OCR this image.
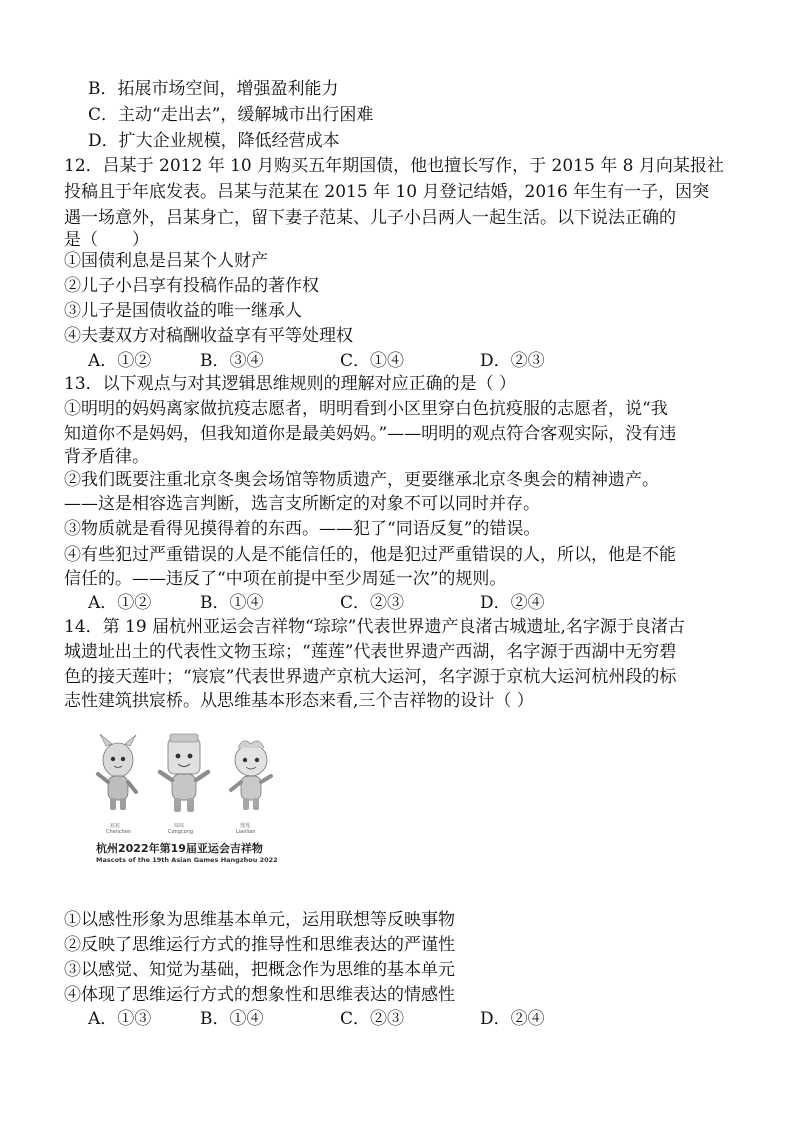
B．拓展市场空间，增强盈利能力
C．主动“走出去”，缓解城市出行困难
D．扩大企业规模，降低经营成本
12．吕某于 2012 年 10 月购买五年期国债，他也擅长写作，于 2015 年 8 月向某报社
投稿且于年底发表。吕某与范某在 2015 年 10 月登记结婚，2016 年生有一子，因突
遇一场意外，吕某身亡，留下妻子范某、儿子小吕两人一起生活。以下说法正确的
是（　　）
①国债利息是吕某个人财产
②儿子小吕享有投稿作品的著作权
③儿子是国债收益的唯一继承人
④夫妻双方对稿酬收益享有平等处理权
A．①②	B．③④	C．①④	D．②③
13．以下观点与对其逻辑思维规则的理解对应正确的是（ ）
①明明的妈妈离家做抗疫志愿者，明明看到小区里穿白色抗疫服的志愿者，说“我
知道你不是妈妈，但我知道你是最美妈妈。”——明明的观点符合客观实际，没有违
背矛盾律。
②我们既要注重北京冬奥会场馆等物质遗产，更要继承北京冬奥会的精神遗产。
——这是相容选言判断，选言支所断定的对象不可以同时并存。
③物质就是看得见摸得着的东西。——犯了“同语反复”的错误。
④有些犯过严重错误的人是不能信任的，他是犯过严重错误的人，所以，他是不能
信任的。——违反了“中项在前提中至少周延一次”的规则。
A．①②	B．①④	C．②③	D．②④
14．第 19 届杭州亚运会吉祥物“琮琮”代表世界遗产良渚古城遗址,名字源于良渚古
城遗址出土的代表性文物玉琮；“莲莲”代表世界遗产西湖，名字源于西湖中无穷碧
色的接天莲叶；“宸宸”代表世界遗产京杭大运河，名字源于京杭大运河杭州段的标
志性建筑拱宸桥。从思维基本形态来看,三个吉祥物的设计（ ）
宸宸	琮琮	莲莲
Chenchen	Congcong	Lianlian
杭州2022年第19届亚运会吉祥物
Mascots of the 19th Asian Games Hangzhou 2022
①以感性形象为思维基本单元，运用联想等反映事物
②反映了思维运行方式的推导性和思维表达的严谨性
③以感觉、知觉为基础，把概念作为思维的基本单元
④体现了思维运行方式的想象性和思维表达的情感性
A．①③	B．①④	C．②③	D．②④
